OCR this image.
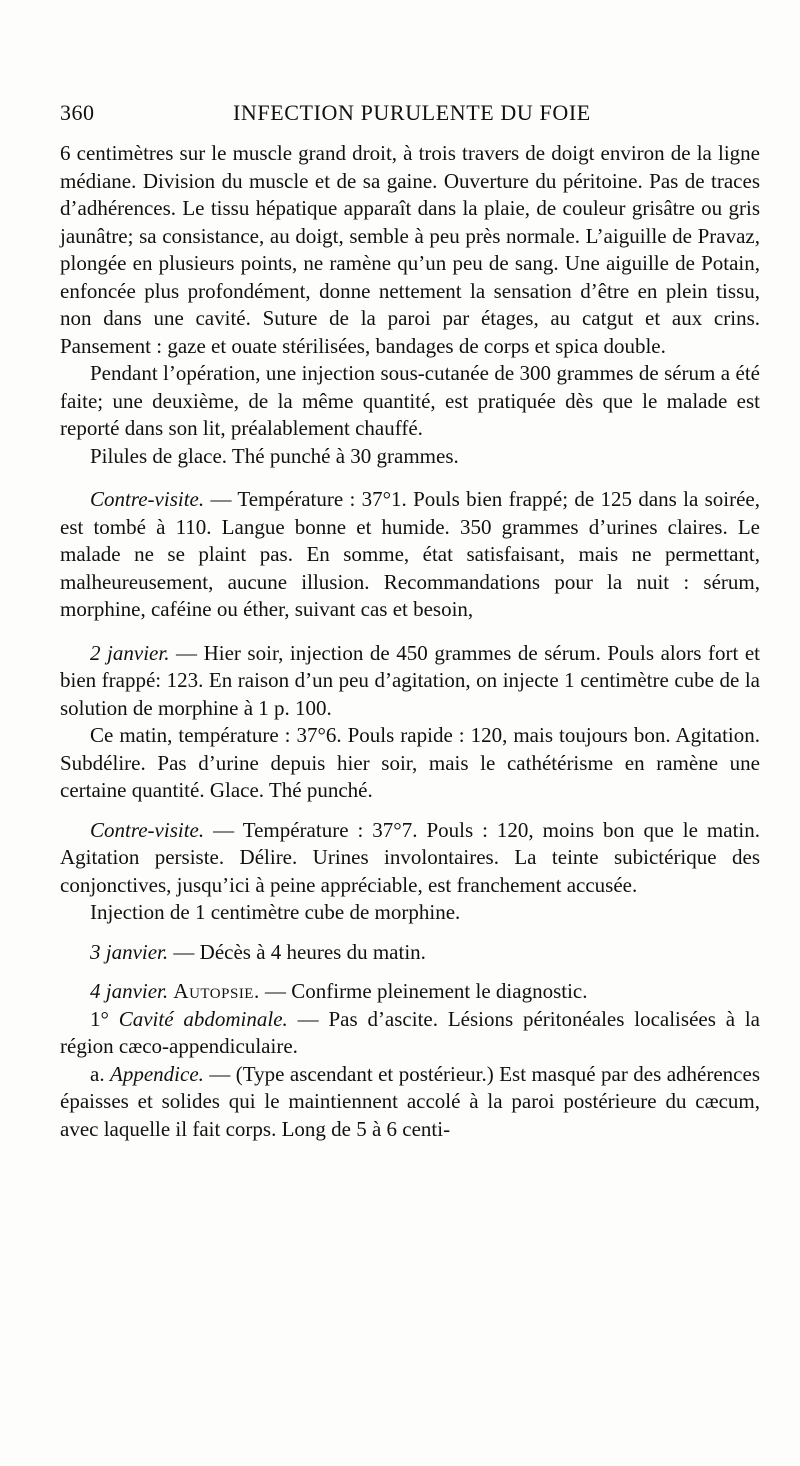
360	INFECTION PURULENTE DU FOIE

6 centimètres sur le muscle grand droit, à trois travers de doigt environ de la ligne médiane. Division du muscle et de sa gaine. Ouverture du péritoine. Pas de traces d’adhérences. Le tissu hépatique apparaît dans la plaie, de couleur grisâtre ou gris jaunâtre; sa consistance, au doigt, semble à peu près normale. L’aiguille de Pravaz, plongée en plusieurs points, ne ramène qu’un peu de sang. Une aiguille de Potain, enfoncée plus profondément, donne nettement la sensation d’être en plein tissu, non dans une cavité. Suture de la paroi par étages, au catgut et aux crins. Pansement : gaze et ouate stérilisées, bandages de corps et spica double.

Pendant l’opération, une injection sous-cutanée de 300 grammes de sérum a été faite; une deuxième, de la même quantité, est pratiquée dès que le malade est reporté dans son lit, préalablement chauffé.

Pilules de glace. Thé punché à 30 grammes.

Contre-visite. — Température : 37°1. Pouls bien frappé; de 125 dans la soirée, est tombé à 110. Langue bonne et humide. 350 grammes d’urines claires. Le malade ne se plaint pas. En somme, état satisfaisant, mais ne permettant, malheureusement, aucune illusion. Recommandations pour la nuit : sérum, morphine, caféine ou éther, suivant cas et besoin,

2 janvier. — Hier soir, injection de 450 grammes de sérum. Pouls alors fort et bien frappé: 123. En raison d’un peu d’agitation, on injecte 1 centimètre cube de la solution de morphine à 1 p. 100.

Ce matin, température : 37°6. Pouls rapide : 120, mais toujours bon. Agitation. Subdélire. Pas d’urine depuis hier soir, mais le cathétérisme en ramène une certaine quantité. Glace. Thé punché.

Contre-visite. — Température : 37°7. Pouls : 120, moins bon que le matin. Agitation persiste. Délire. Urines involontaires. La teinte subictérique des conjonctives, jusqu’ici à peine appréciable, est franchement accusée.

Injection de 1 centimètre cube de morphine.

3 janvier. — Décès à 4 heures du matin.

4 janvier. Autopsie. — Confirme pleinement le diagnostic.

1° Cavité abdominale. — Pas d’ascite. Lésions péritonéales localisées à la région cæco-appendiculaire.

a. Appendice. — (Type ascendant et postérieur.) Est masqué par des adhérences épaisses et solides qui le maintiennent accolé à la paroi postérieure du cæcum, avec laquelle il fait corps. Long de 5 à 6 centi-
